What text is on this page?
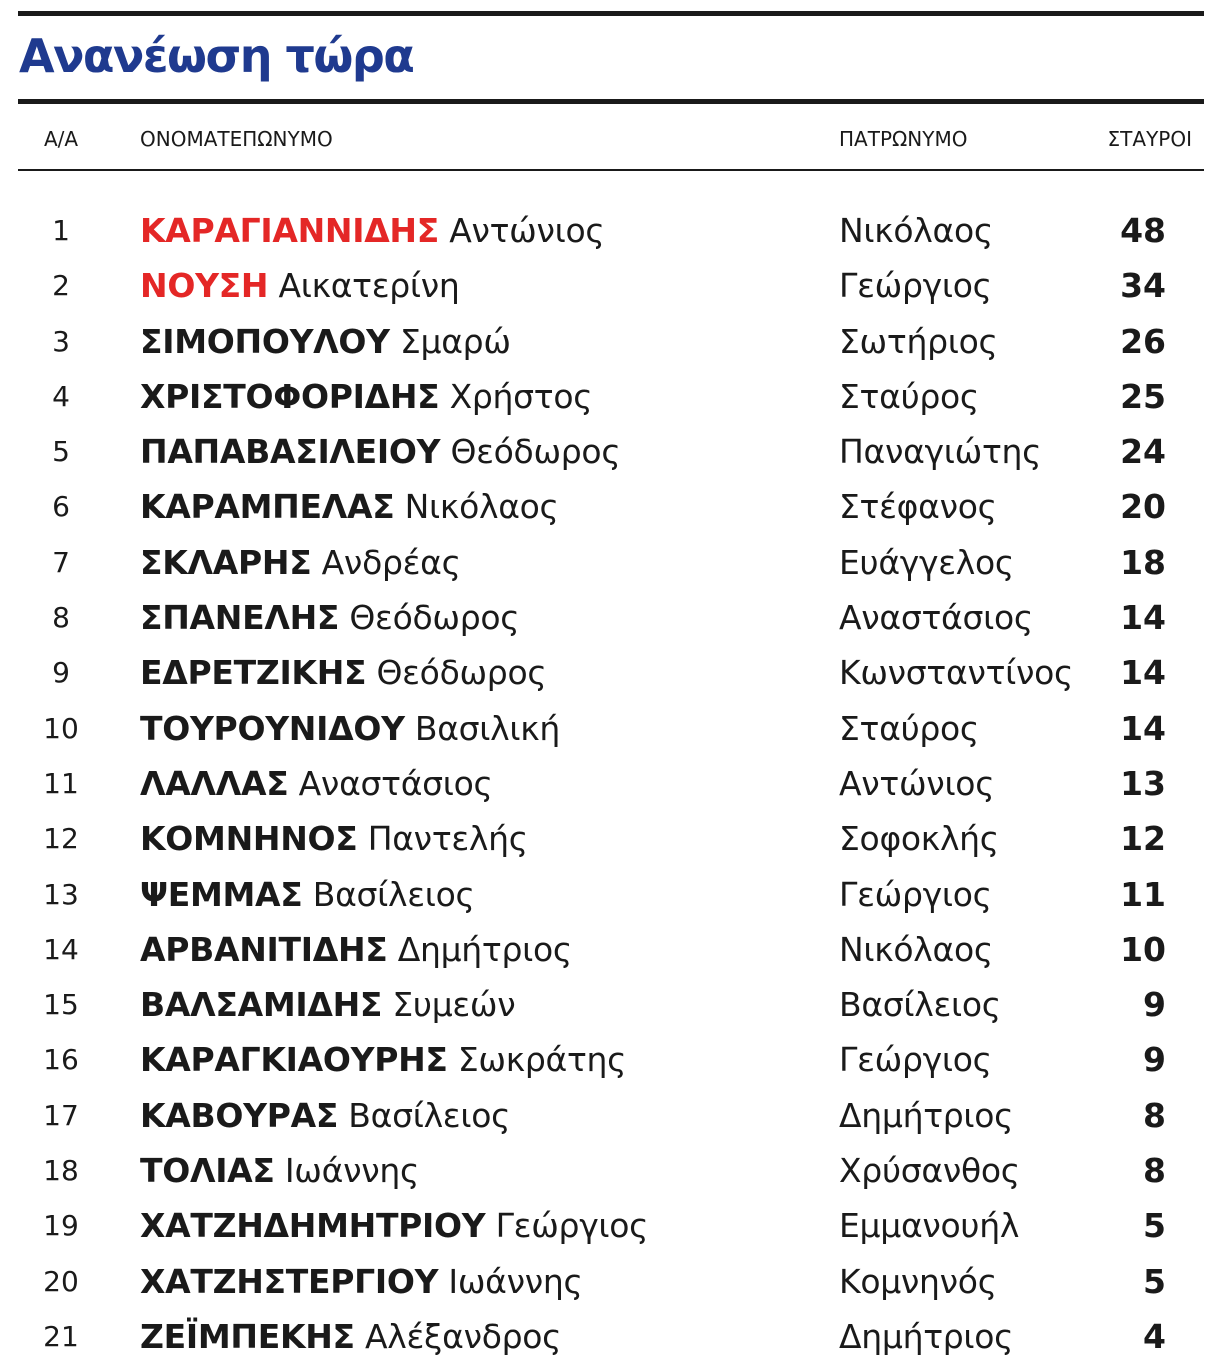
Ανανέωση τώρα
Α/Α	ΟΝΟΜΑΤΕΠΩΝΥΜΟ	ΠΑΤΡΩΝΥΜΟ	ΣΤΑΥΡΟΙ
1	ΚΑΡΑΓΙΑΝΝΙΔΗΣ Αντώνιος	Νικόλαος	48
2	ΝΟΥΣΗ Αικατερίνη	Γεώργιος	34
3	ΣΙΜΟΠΟΥΛΟΥ Σμαρώ	Σωτήριος	26
4	ΧΡΙΣΤΟΦΟΡΙΔΗΣ Χρήστος	Σταύρος	25
5	ΠΑΠΑΒΑΣΙΛΕΙΟΥ Θεόδωρος	Παναγιώτης	24
6	ΚΑΡΑΜΠΕΛΑΣ Νικόλαος	Στέφανος	20
7	ΣΚΛΑΡΗΣ Ανδρέας	Ευάγγελος	18
8	ΣΠΑΝΕΛΗΣ Θεόδωρος	Αναστάσιος	14
9	ΕΔΡΕΤΖΙΚΗΣ Θεόδωρος	Κωνσταντίνος	14
10 ΤΟΥΡΟΥΝΙΔΟΥ Βασιλική	Σταύρος	14
11 ΛΑΛΛΑΣ Αναστάσιος	Αντώνιος	13
12 ΚΟΜΝΗΝΟΣ Παντελής	Σοφοκλής	12
13 ΨΕΜΜΑΣ Βασίλειος	Γεώργιος	11
14 ΑΡΒΑΝΙΤΙΔΗΣ Δημήτριος	Νικόλαος	10
15 ΒΑΛΣΑΜΙΔΗΣ Συμεών	Βασίλειος	9
16 ΚΑΡΑΓΚΙΑΟΥΡΗΣ Σωκράτης	Γεώργιος	9
17 ΚΑΒΟΥΡΑΣ Βασίλειος	Δημήτριος	8
18 ΤΟΛΙΑΣ Ιωάννης	Χρύσανθος	8
19 ΧΑΤΖΗΔΗΜΗΤΡΙΟΥ Γεώργιος	Εμμανουήλ	5
20 ΧΑΤΖΗΣΤΕΡΓΙΟΥ Ιωάννης	Κομνηνός	5
21 ΖΕΪΜΠΕΚΗΣ Αλέξανδρος	Δημήτριος	4
